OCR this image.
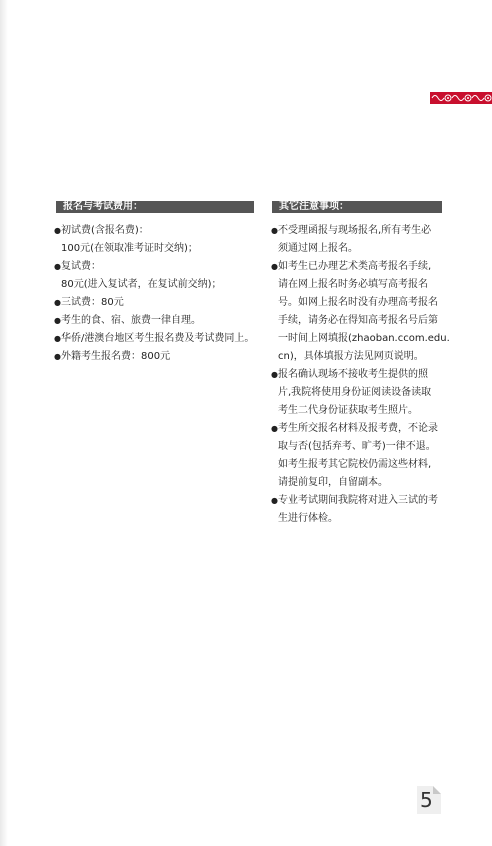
报名与考试费用：	其它注意事项：
● 初试费(含报名费)：
100元(在领取准考证时交纳)；
● 复试费：
80元(进入复试者，在复试前交纳)；
● 三试费：80元
● 考生的食、宿、旅费一律自理。
● 华侨/港澳台地区考生报名费及考试费同上。
● 外籍考生报名费：800元
● 不受理函报与现场报名,所有考生必
须通过网上报名。
● 如考生已办理艺术类高考报名手续,
请在网上报名时务必填写高考报名
号。如网上报名时没有办理高考报名
手续，请务必在得知高考报名号后第
一时间上网填报(zhaoban.ccom.edu.
cn)，具体填报方法见网页说明。
● 报名确认现场不接收考生提供的照
片,我院将使用身份证阅读设备读取
考生二代身份证获取考生照片。
● 考生所交报名材料及报考费，不论录
取与否(包括弃考、旷考)一律不退。
如考生报考其它院校仍需这些材料,
请提前复印，自留副本。
● 专业考试期间我院将对进入三试的考
生进行体检。
5
